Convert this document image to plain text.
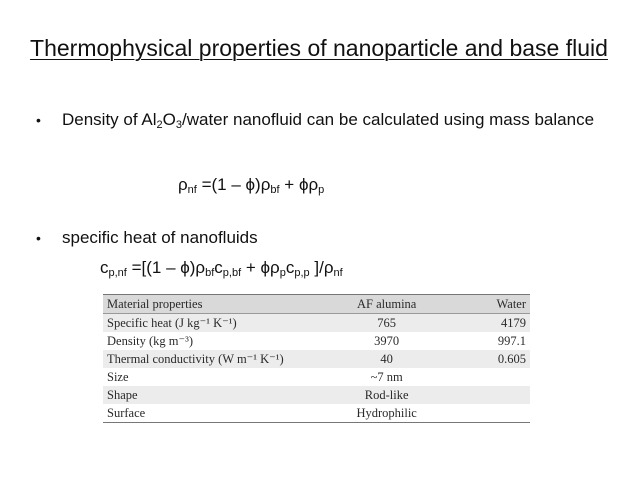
Thermophysical properties of nanoparticle and base fluid
• Density of $Al_2O_3$/water nanofluid can be calculated using mass balance
$\rho_{nf} =(1 - \phi)\rho_{bf} + \phi\rho_p$
• specific heat of nanofluids
$c_{p,nf} =[(1 - \phi)\rho_{bf}c_{p,bf} + \phi\rho_pc_{p,p}$ ]$/\rho_{nf}$
Material properties	AF alumina	Water
Specific heat (J kg⁻¹ K⁻¹)	765	4179
Density (kg m⁻³)	3970	997.1
Thermal conductivity (W m⁻¹ K⁻¹)	40	0.605
Size	~7 nm	
Shape	Rod-like	
Surface	Hydrophilic	
